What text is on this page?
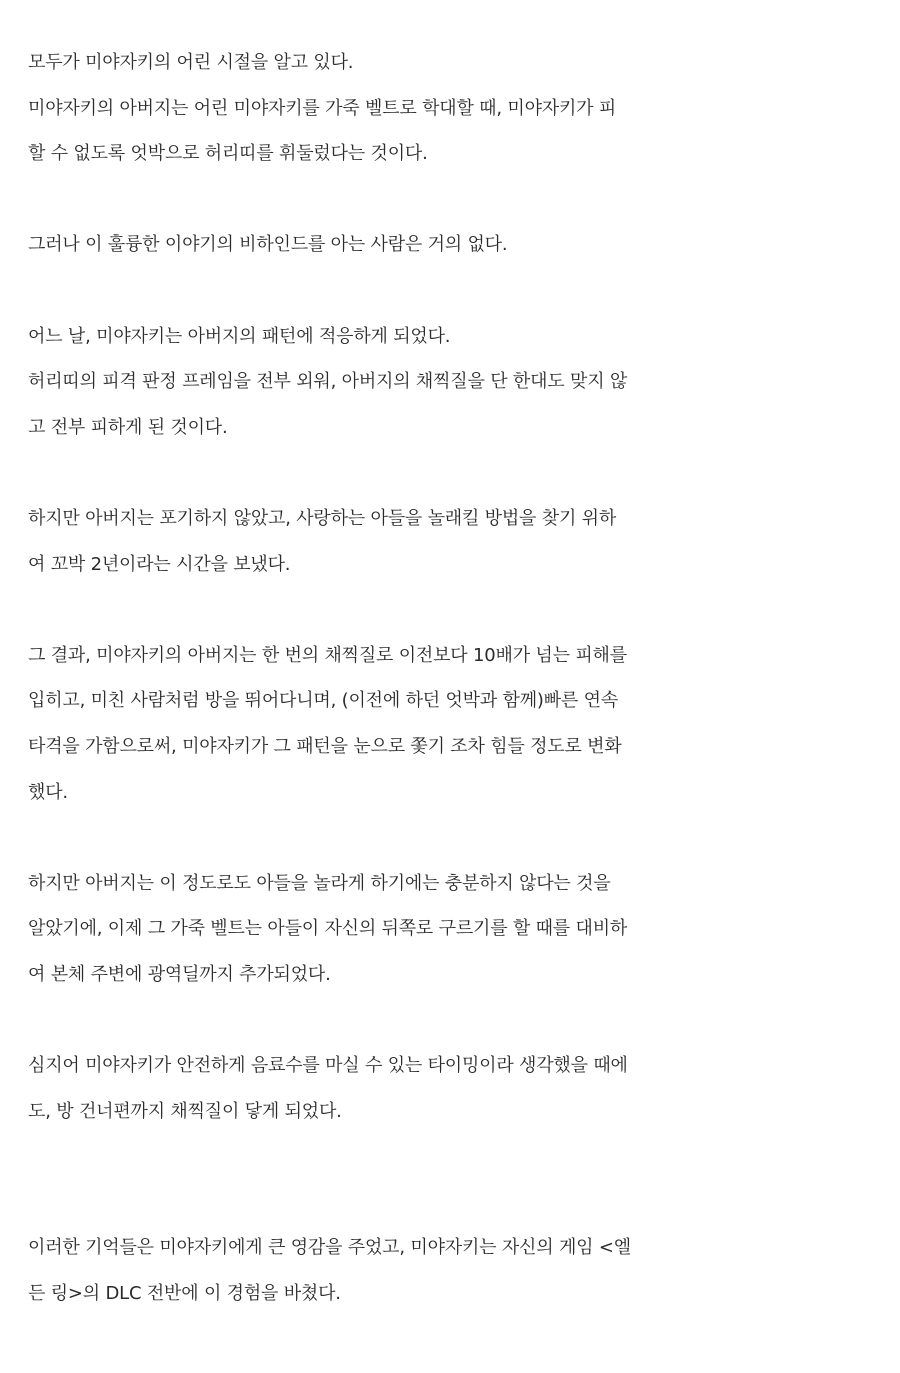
모두가 미야자키의 어린 시절을 알고 있다.
미야자키의 아버지는 어린 미야자키를 가죽 벨트로 학대할 때, 미야자키가 피
할 수 없도록 엇박으로 허리띠를 휘둘렀다는 것이다.

그러나 이 훌륭한 이야기의 비하인드를 아는 사람은 거의 없다.

어느 날, 미야자키는 아버지의 패턴에 적응하게 되었다.
허리띠의 피격 판정 프레임을 전부 외워, 아버지의 채찍질을 단 한대도 맞지 않
고 전부 피하게 된 것이다.

하지만 아버지는 포기하지 않았고, 사랑하는 아들을 놀래킬 방법을 찾기 위하
여 꼬박 2년이라는 시간을 보냈다.

그 결과, 미야자키의 아버지는 한 번의 채찍질로 이전보다 10배가 넘는 피해를
입히고, 미친 사람처럼 방을 뛰어다니며, (이전에 하던 엇박과 함께)빠른 연속
타격을 가함으로써, 미야자키가 그 패턴을 눈으로 쫓기 조차 힘들 정도로 변화
했다.

하지만 아버지는 이 정도로도 아들을 놀라게 하기에는 충분하지 않다는 것을
알았기에, 이제 그 가죽 벨트는 아들이 자신의 뒤쪽로 구르기를 할 때를 대비하
여 본체 주변에 광역딜까지 추가되었다.

심지어 미야자키가 안전하게 음료수를 마실 수 있는 타이밍이라 생각했을 때에
도, 방 건너편까지 채찍질이 닿게 되었다.

이러한 기억들은 미야자키에게 큰 영감을 주었고, 미야자키는 자신의 게임 <엘
든 링>의 DLC 전반에 이 경험을 바쳤다.
